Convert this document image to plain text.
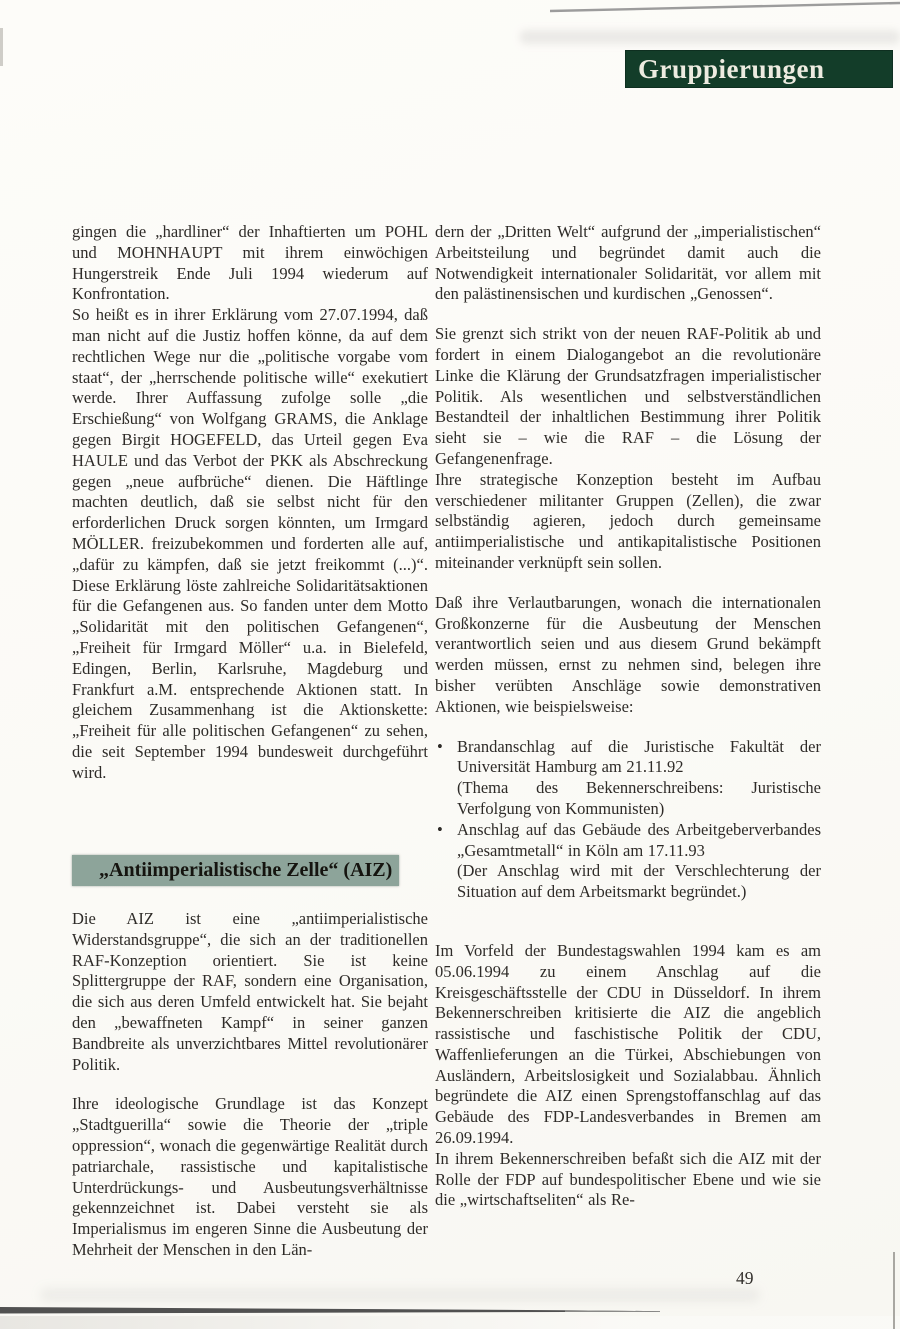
Gruppierungen

gingen die „hardliner“ der Inhaftierten um POHL und MOHNHAUPT mit ihrem einwöchigen Hungerstreik Ende Juli 1994 wiederum auf Konfrontation.

So heißt es in ihrer Erklärung vom 27.07.1994, daß man nicht auf die Justiz hoffen könne, da auf dem rechtlichen Wege nur die „politische vorgabe vom staat“, der „herrschende politische wille“ exekutiert werde. Ihrer Auffassung zufolge solle „die Erschießung“ von Wolfgang GRAMS, die Anklage gegen Birgit HOGEFELD, das Urteil gegen Eva HAULE und das Verbot der PKK als Abschreckung gegen „neue aufbrüche“ dienen. Die Häftlinge machten deutlich, daß sie selbst nicht für den erforderlichen Druck sorgen könnten, um Irmgard MÖLLER. freizubekommen und forderten alle auf, „dafür zu kämpfen, daß sie jetzt freikommt (...)“. Diese Erklärung löste zahlreiche Solidaritätsaktionen für die Gefangenen aus. So fanden unter dem Motto „Solidarität mit den politischen Gefangenen“, „Freiheit für Irmgard Möller“ u.a. in Bielefeld, Edingen, Berlin, Karlsruhe, Magdeburg und Frankfurt a.M. entsprechende Aktionen statt. In gleichem Zusammenhang ist die Aktionskette: „Freiheit für alle politischen Gefangenen“ zu sehen, die seit September 1994 bundesweit durchgeführt wird.

„Antiimperialistische Zelle“ (AIZ)

Die AIZ ist eine „antiimperialistische Widerstandsgruppe“, die sich an der traditionellen RAF-Konzeption orientiert. Sie ist keine Splittergruppe der RAF, sondern eine Organisation, die sich aus deren Umfeld entwickelt hat. Sie bejaht den „bewaffneten Kampf“ in seiner ganzen Bandbreite als unverzichtbares Mittel revolutionärer Politik.

Ihre ideologische Grundlage ist das Konzept „Stadtguerilla“ sowie die Theorie der „triple oppression“, wonach die gegenwärtige Realität durch patriarchale, rassistische und kapitalistische Unterdrückungs- und Ausbeutungsverhältnisse gekennzeichnet ist. Dabei versteht sie als Imperialismus im engeren Sinne die Ausbeutung der Mehrheit der Menschen in den Län-

dern der „Dritten Welt“ aufgrund der „imperialistischen“ Arbeitsteilung und begründet damit auch die Notwendigkeit internationaler Solidarität, vor allem mit den palästinensischen und kurdischen „Genossen“.

Sie grenzt sich strikt von der neuen RAF-Politik ab und fordert in einem Dialogangebot an die revolutionäre Linke die Klärung der Grundsatzfragen imperialistischer Politik. Als wesentlichen und selbstverständlichen Bestandteil der inhaltlichen Bestimmung ihrer Politik sieht sie – wie die RAF – die Lösung der Gefangenenfrage.

Ihre strategische Konzeption besteht im Aufbau verschiedener militanter Gruppen (Zellen), die zwar selbständig agieren, jedoch durch gemeinsame antiimperialistische und antikapitalistische Positionen miteinander verknüpft sein sollen.

Daß ihre Verlautbarungen, wonach die internationalen Großkonzerne für die Ausbeutung der Menschen verantwortlich seien und aus diesem Grund bekämpft werden müssen, ernst zu nehmen sind, belegen ihre bisher verübten Anschläge sowie demonstrativen Aktionen, wie beispielsweise:

• Brandanschlag auf die Juristische Fakultät der Universität Hamburg am 21.11.92
(Thema des Bekennerschreibens: Juristische Verfolgung von Kommunisten)
• Anschlag auf das Gebäude des Arbeitgeberverbandes „Gesamtmetall“ in Köln am 17.11.93
(Der Anschlag wird mit der Verschlechterung der Situation auf dem Arbeitsmarkt begründet.)

Im Vorfeld der Bundestagswahlen 1994 kam es am 05.06.1994 zu einem Anschlag auf die Kreisgeschäftsstelle der CDU in Düsseldorf. In ihrem Bekennerschreiben kritisierte die AIZ die angeblich rassistische und faschistische Politik der CDU, Waffenlieferungen an die Türkei, Abschiebungen von Ausländern, Arbeitslosigkeit und Sozialabbau. Ähnlich begründete die AIZ einen Sprengstoffanschlag auf das Gebäude des FDP-Landesverbandes in Bremen am 26.09.1994.

In ihrem Bekennerschreiben befaßt sich die AIZ mit der Rolle der FDP auf bundespolitischer Ebene und wie sie die „wirtschaftseliten“ als Re-

49
